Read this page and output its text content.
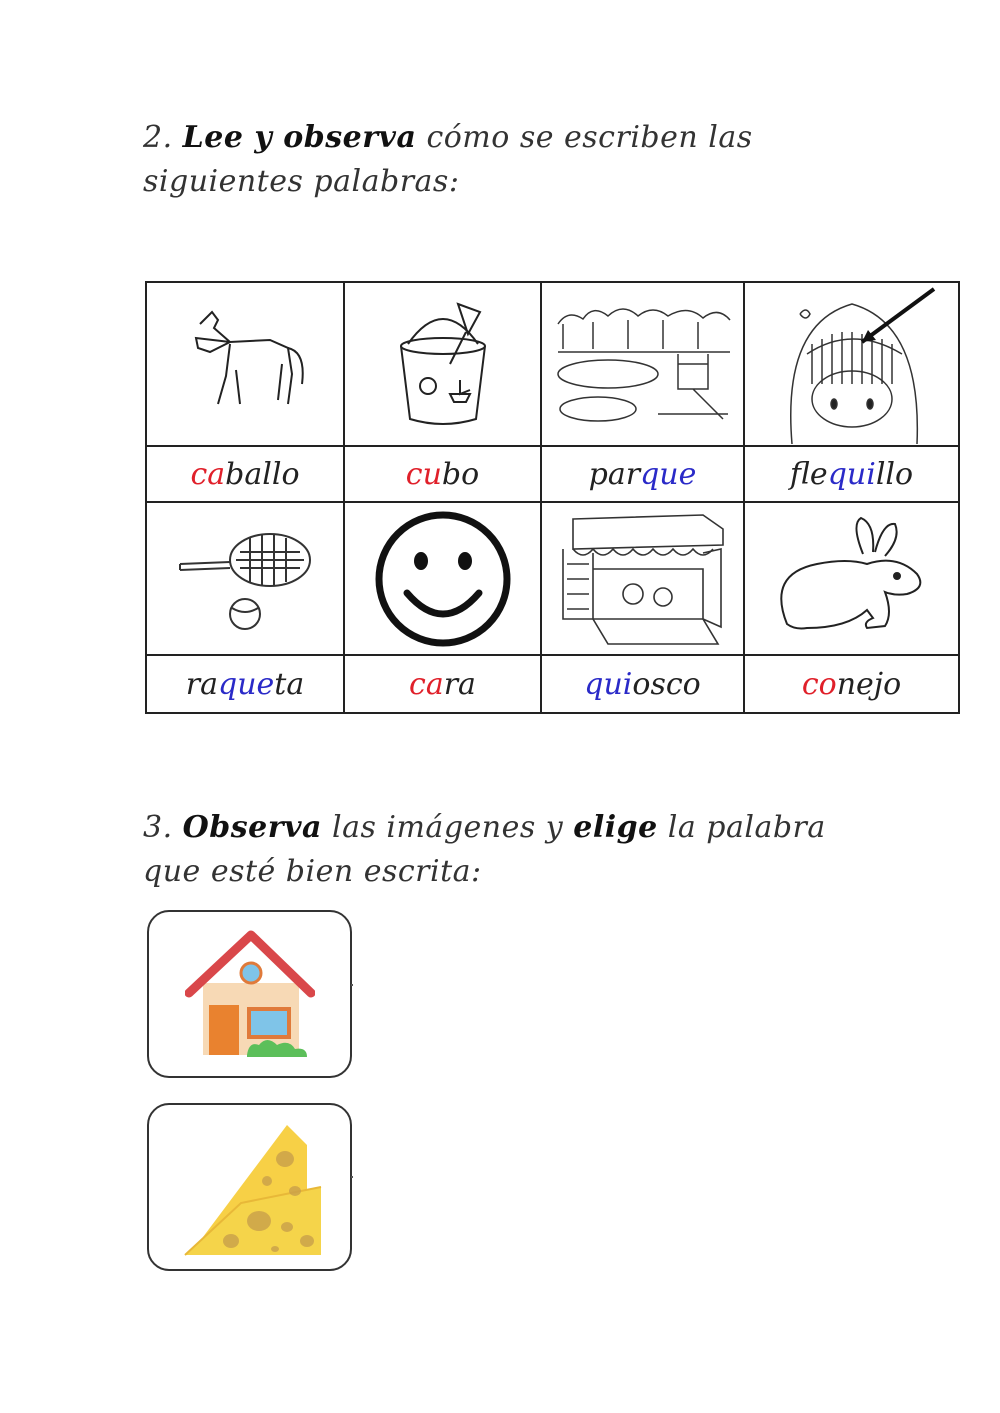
2. Lee y observa cómo se escriben las siguientes palabras:
caballo	cubo	parque	flequillo
raqueta	cara	quiosco	conejo
3. Observa las imágenes y elige la palabra que esté bien escrita:
